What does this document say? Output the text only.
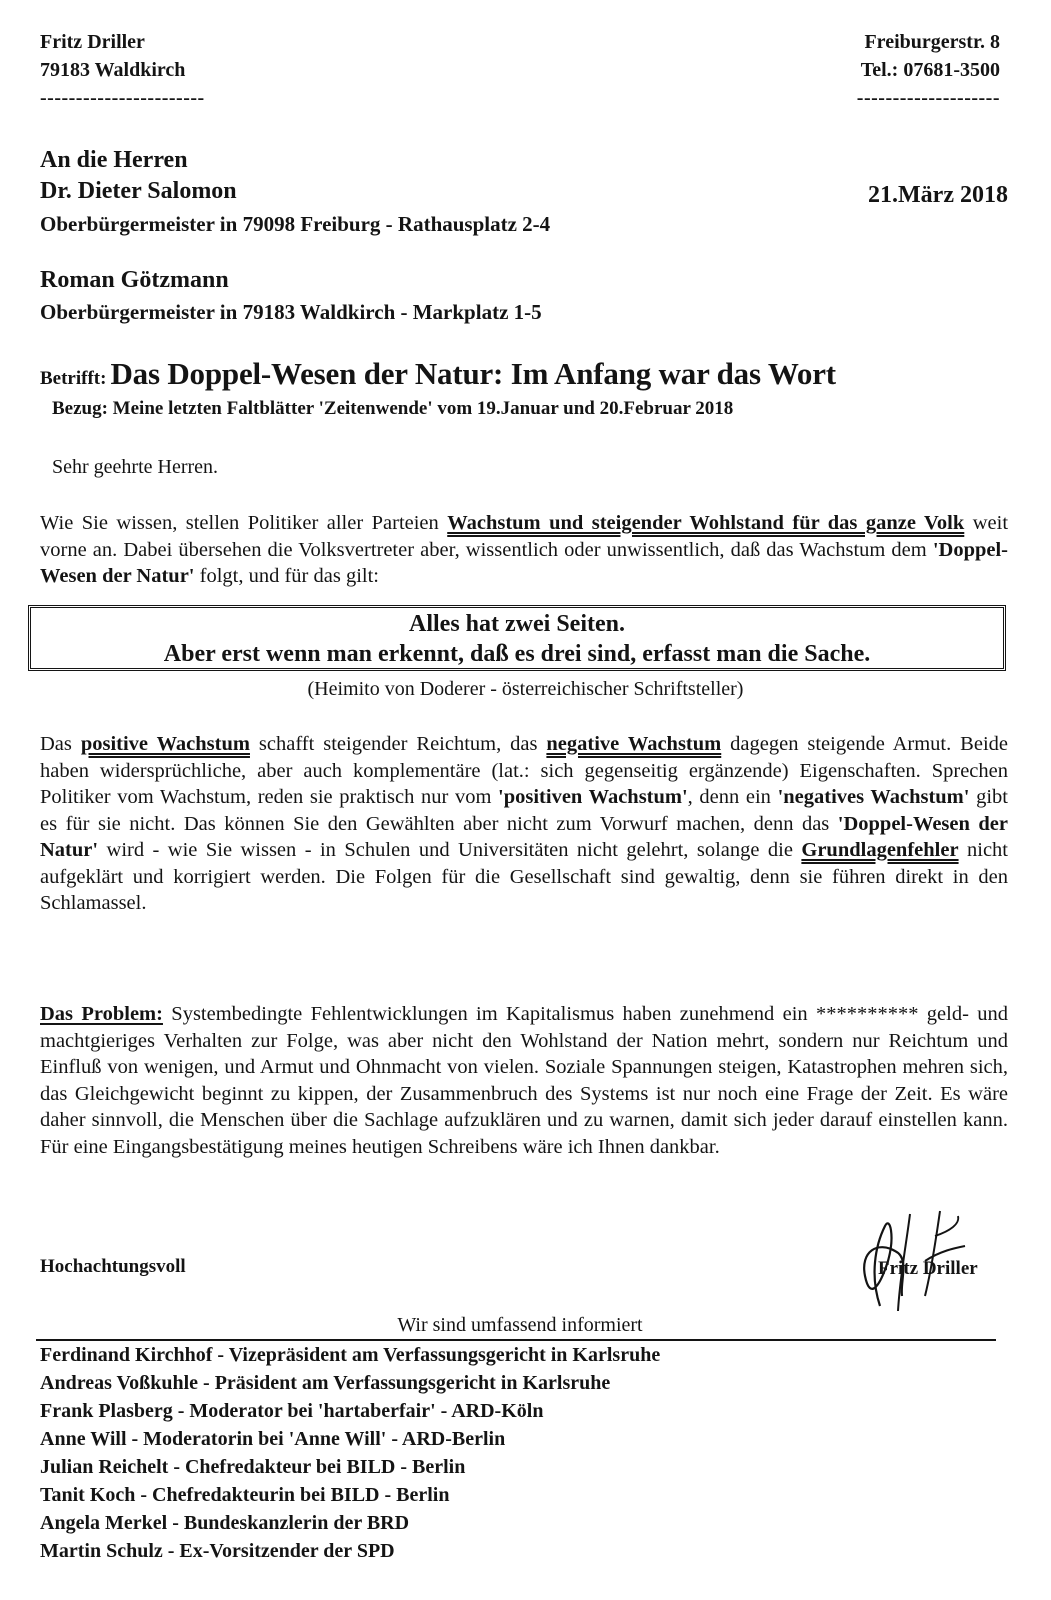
Fritz Driller
79183 Waldkirch
-----------------------
Freiburgerstr. 8
Tel.: 07681-3500
--------------------
An die Herren
Dr. Dieter Salomon	21.März 2018
Oberbürgermeister in 79098 Freiburg - Rathausplatz 2-4
Roman Götzmann
Oberbürgermeister in 79183 Waldkirch - Markplatz 1-5
Betrifft: Das Doppel-Wesen der Natur: Im Anfang war das Wort
Bezug: Meine letzten Faltblätter 'Zeitenwende' vom 19.Januar und 20.Februar 2018
Sehr geehrte Herren.
Wie Sie wissen, stellen Politiker aller Parteien Wachstum und steigender Wohlstand für das ganze Volk weit vorne an. Dabei übersehen die Volksvertreter aber, wissentlich oder unwissentlich, daß das Wachstum dem 'Doppel-Wesen der Natur' folgt, und für das gilt:
Alles hat zwei Seiten.
Aber erst wenn man erkennt, daß es drei sind, erfasst man die Sache.
(Heimito von Doderer - österreichischer Schriftsteller)
Das positive Wachstum schafft steigender Reichtum, das negative Wachstum dagegen steigende Armut. Beide haben widersprüchliche, aber auch komplementäre (lat.: sich gegenseitig ergänzende) Eigenschaften. Sprechen Politiker vom Wachstum, reden sie praktisch nur vom 'positiven Wachstum', denn ein 'negatives Wachstum' gibt es für sie nicht. Das können Sie den Gewählten aber nicht zum Vorwurf machen, denn das 'Doppel-Wesen der Natur' wird - wie Sie wissen - in Schulen und Universitäten nicht gelehrt, solange die Grundlagenfehler nicht aufgeklärt und korrigiert werden. Die Folgen für die Gesellschaft sind gewaltig, denn sie führen direkt in den Schlamassel.
Das Problem: Systembedingte Fehlentwicklungen im Kapitalismus haben zunehmend ein ********** geld- und machtgieriges Verhalten zur Folge, was aber nicht den Wohlstand der Nation mehrt, sondern nur Reichtum und Einfluß von wenigen, und Armut und Ohnmacht von vielen. Soziale Spannungen steigen, Katastrophen mehren sich, das Gleichgewicht beginnt zu kippen, der Zusammenbruch des Systems ist nur noch eine Frage der Zeit. Es wäre daher sinnvoll, die Menschen über die Sachlage aufzuklären und zu warnen, damit sich jeder darauf einstellen kann. Für eine Eingangsbestätigung meines heutigen Schreibens wäre ich Ihnen dankbar.
Hochachtungsvoll	Fritz Driller
Wir sind umfassend informiert
Ferdinand Kirchhof - Vizepräsident am Verfassungsgericht in Karlsruhe
Andreas Voßkuhle - Präsident am Verfassungsgericht in Karlsruhe
Frank Plasberg - Moderator bei 'hartaberfair' - ARD-Köln
Anne Will - Moderatorin bei 'Anne Will' - ARD-Berlin
Julian Reichelt - Chefredakteur bei BILD - Berlin
Tanit Koch - Chefredakteurin bei BILD - Berlin
Angela Merkel - Bundeskanzlerin der BRD
Martin Schulz - Ex-Vorsitzender der SPD
